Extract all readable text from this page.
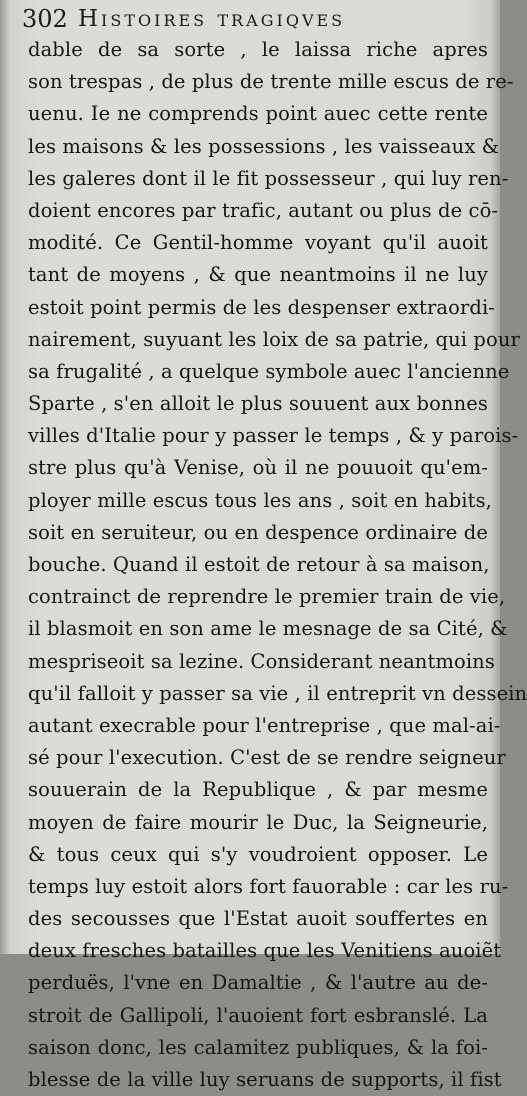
302 Histoires tragiqves
dable de sa sorte , le laissa riche apres
son trespas , de plus de trente mille escus de re-
uenu. Ie ne comprends point auec cette rente
les maisons & les possessions , les vaisseaux &
les galeres dont il le fit possesseur , qui luy ren-
doient encores par trafic, autant ou plus de cō-
modité. Ce Gentil-homme voyant qu'il auoit
tant de moyens , & que neantmoins il ne luy
estoit point permis de les despenser extraordi-
nairement, suyuant les loix de sa patrie, qui pour
sa frugalité , a quelque symbole auec l'ancienne
Sparte , s'en alloit le plus souuent aux bonnes
villes d'Italie pour y passer le temps , & y parois-
stre plus qu'à Venise, où il ne pouuoit qu'em-
ployer mille escus tous les ans , soit en habits,
soit en seruiteur, ou en despence ordinaire de
bouche. Quand il estoit de retour à sa maison,
contrainct de reprendre le premier train de vie,
il blasmoit en son ame le mesnage de sa Cité, &
mespriseoit sa lezine. Considerant neantmoins
qu'il falloit y passer sa vie , il entreprit vn dessein
autant execrable pour l'entreprise , que mal-ai-
sé pour l'execution. C'est de se rendre seigneur
souuerain de la Republique , & par mesme
moyen de faire mourir le Duc, la Seigneurie,
& tous ceux qui s'y voudroient opposer. Le
temps luy estoit alors fort fauorable : car les ru-
des secousses que l'Estat auoit souffertes en
deux fresches batailles que les Venitiens auoiẽt
perduës, l'vne en Damaltie , & l'autre au de-
stroit de Gallipoli, l'auoient fort esbranslé. La
saison donc, les calamitez publiques, & la foi-
blesse de la ville luy seruans de supports, il fist
